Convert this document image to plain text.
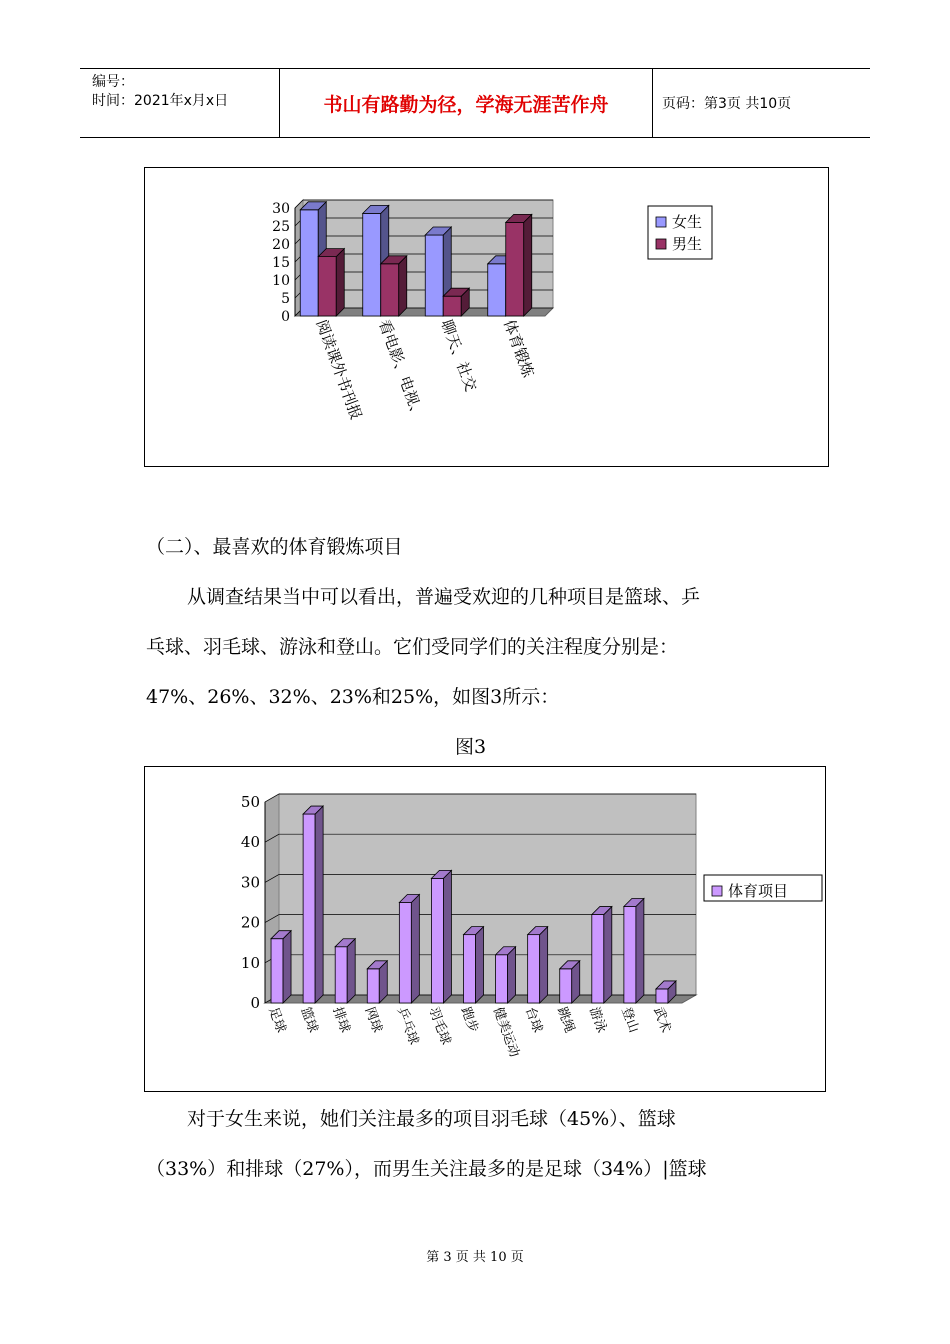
编号：
时间：2021年x月x日	书山有路勤为径，学海无涯苦作舟	页码：第3页 共10页
0
5
10
15
20
25
30
阅读课外书刊报 看电影、电视、 聊天、社交 体育锻炼
女生
男生
（二）、最喜欢的体育锻炼项目
从调查结果当中可以看出，普遍受欢迎的几种项目是篮球、乒
乓球、羽毛球、游泳和登山。它们受同学们的关注程度分别是：
47%、26%、32%、23%和25%，如图3所示：
图3
0
10
20
30
40
50
足球 篮球 排球 网球 乒乓球 羽毛球 跑步 健美运动 台球 跳绳 游泳 登山 武术
体育项目
对于女生来说，她们关注最多的项目羽毛球（45%）、篮球
（33%）和排球（27%），而男生关注最多的是足球（34%）|篮球
第 3 页 共 10 页
